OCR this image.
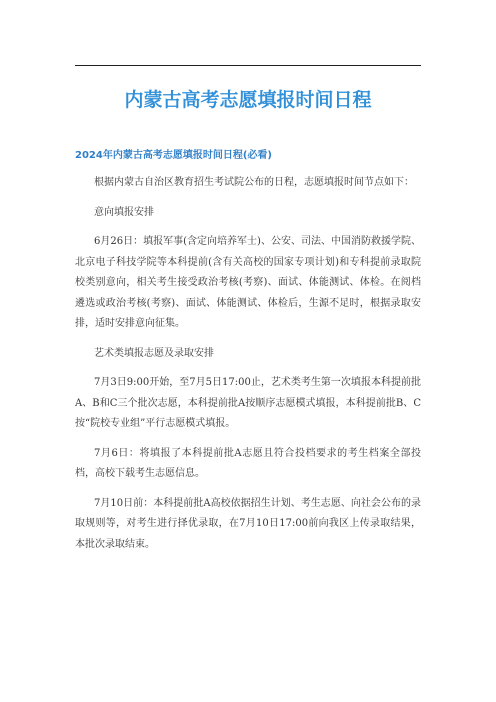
内蒙古高考志愿填报时间日程
2024年内蒙古高考志愿填报时间日程(必看)

根据内蒙古自治区教育招生考试院公布的日程，志愿填报时间节点如下：

意向填报安排

6月26日：填报军事(含定向培养军士)、公安、司法、中国消防救援学院、北京电子科技学院等本科提前(含有关高校的国家专项计划)和专科提前录取院校类别意向，相关考生接受政治考核(考察)、面试、体能测试、体检。在阅档遴选或政治考核(考察)、面试、体能测试、体检后，生源不足时，根据录取安排，适时安排意向征集。

艺术类填报志愿及录取安排

7月3日9:00开始，至7月5日17:00止，艺术类考生第一次填报本科提前批A、B和C三个批次志愿，本科提前批A按顺序志愿模式填报，本科提前批B、C按“院校专业组”平行志愿模式填报。

7月6日：将填报了本科提前批A志愿且符合投档要求的考生档案全部投档，高校下载考生志愿信息。

7月10日前：本科提前批A高校依据招生计划、考生志愿、向社会公布的录取规则等，对考生进行择优录取，在7月10日17:00前向我区上传录取结果，本批次录取结束。
